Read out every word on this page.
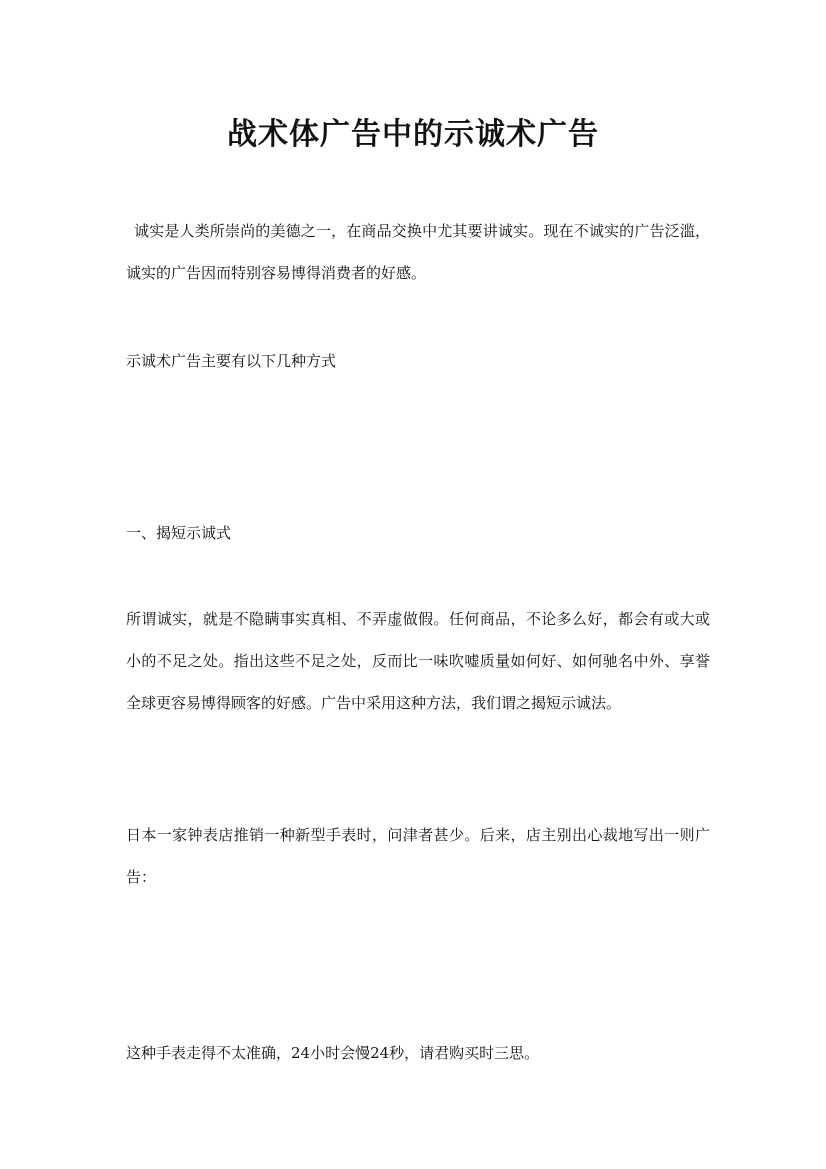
战术体广告中的示诚术广告

诚实是人类所崇尚的美德之一，在商品交换中尤其要讲诚实。现在不诚实的广告泛滥，诚实的广告因而特别容易博得消费者的好感。

示诚术广告主要有以下几种方式

一、揭短示诚式

所谓诚实，就是不隐瞒事实真相、不弄虚做假。任何商品，不论多么好，都会有或大或小的不足之处。指出这些不足之处，反而比一味吹嘘质量如何好、如何驰名中外、享誉全球更容易博得顾客的好感。广告中采用这种方法，我们谓之揭短示诚法。

日本一家钟表店推销一种新型手表时，问津者甚少。后来，店主别出心裁地写出一则广告：

这种手表走得不太准确，24小时会慢24秒，请君购买时三思。
